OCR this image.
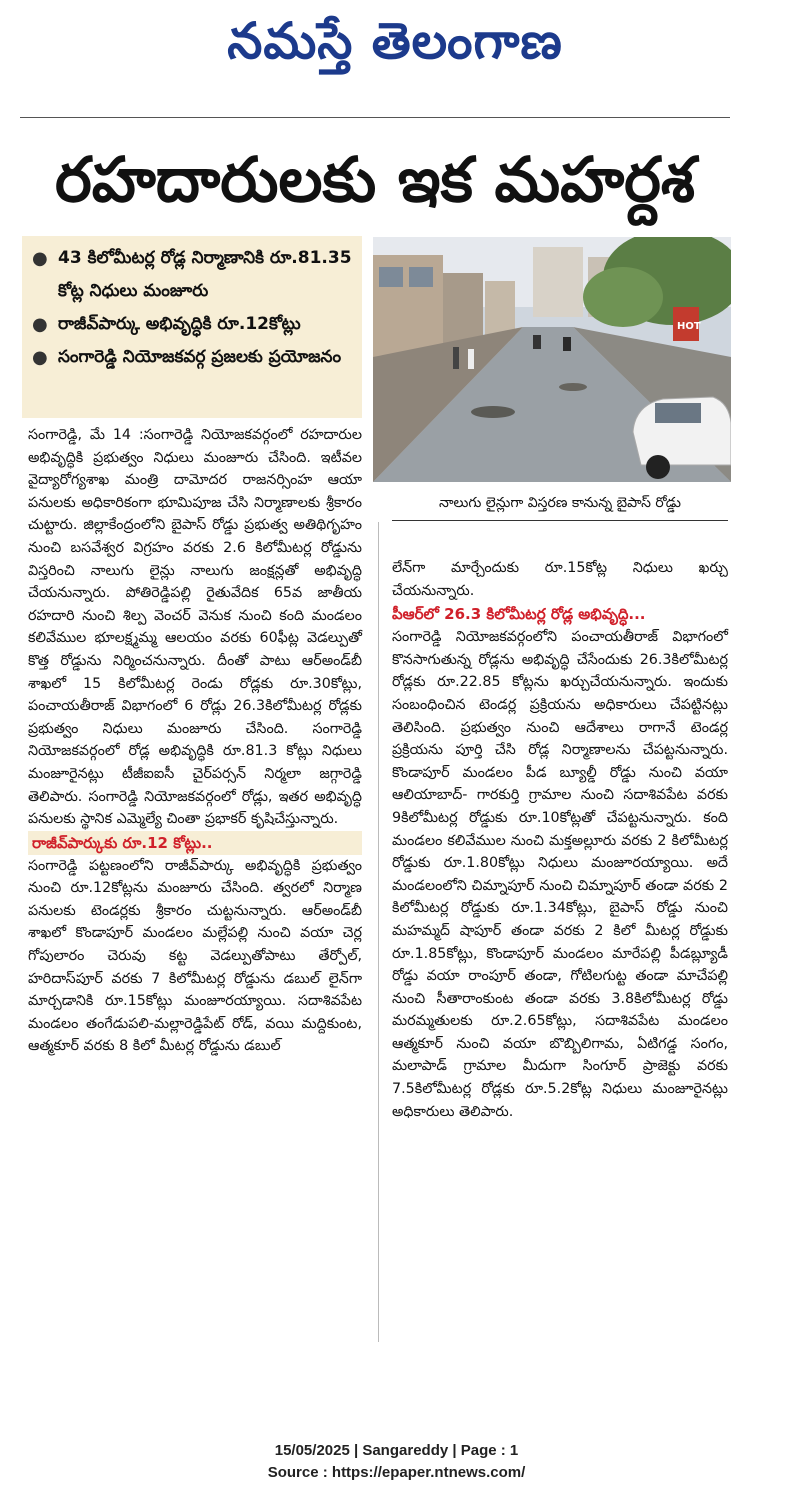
నమస్తే తెలంగాణ
రహదారులకు ఇక మహర్దశ
● 43 కిలోమీటర్ల రోడ్ల నిర్మాణానికి రూ.81.35 కోట్ల నిధులు మంజూరు
● రాజీవ్‌పార్కు అభివృద్ధికి రూ.12కోట్లు
● సంగారెడ్డి నియోజకవర్గ ప్రజలకు ప్రయోజనం
HOT
నాలుగు లైన్లుగా విస్తరణ కానున్న బైపాస్‌ రోడ్డు

సంగారెడ్డి, మే 14 :సంగారెడ్డి నియోజకవర్గంలో రహదారుల అభివృద్ధికి ప్రభుత్వం నిధులు మంజూరు చేసింది. ఇటీవల వైద్యారోగ్యశాఖ మంత్రి దామోదర రాజనర్సింహ ఆయా పనులకు అధికారికంగా భూమిపూజ చేసి నిర్మాణాలకు శ్రీకారం చుట్టారు. జిల్లాకేంద్రంలోని బైపాస్‌ రోడ్డు ప్రభుత్వ అతిథిగృహం నుంచి బసవేశ్వర విగ్రహం వరకు 2.6 కిలోమీటర్ల రోడ్డును విస్తరించి నాలుగు లైన్లు నాలుగు జంక్షన్లతో అభివృద్ధి చేయనున్నారు. పోతిరెడ్డిపల్లి రైతువేదిక 65వ జాతీయ రహదారి నుంచి శిల్ప వెంచర్‌ వెనుక నుంచి కంది మండలం కలివేముల భూలక్ష్మమ్మ ఆలయం వరకు 60ఫీట్ల వెడల్పుతో కొత్త రోడ్డును నిర్మించనున్నారు. దీంతో పాటు ఆర్‌అండ్‌బీ శాఖలో 15 కిలోమీటర్ల రెండు రోడ్లకు రూ.30కోట్లు, పంచాయతీరాజ్‌ విభాగంలో 6 రోడ్లు 26.3కిలోమీటర్ల రోడ్లకు ప్రభుత్వం నిధులు మంజూరు చేసింది. సంగారెడ్డి నియోజకవర్గంలో రోడ్ల అభివృద్ధికి రూ.81.3 కోట్లు నిధులు మంజూరైనట్లు టీజీఐఐసీ చైర్‌పర్సన్‌ నిర్మలా జగ్గారెడ్డి తెలిపారు. సంగారెడ్డి నియోజకవర్గంలో రోడ్లు, ఇతర అభివృద్ధి పనులకు స్థానిక ఎమ్మెల్యే చింతా ప్రభాకర్‌ కృషిచేస్తున్నారు.

రాజీవ్‌పార్కుకు రూ.12 కోట్లు..

సంగారెడ్డి పట్టణంలోని రాజీవ్‌పార్కు అభివృద్ధికి ప్రభుత్వం నుంచి రూ.12కోట్లను మంజూరు చేసింది. త్వరలో నిర్మాణ పనులకు టెండర్లకు శ్రీకారం చుట్టనున్నారు. ఆర్‌అండ్‌బీ శాఖలో కొండాపూర్‌ మండలం మల్లేపల్లి నుంచి వయా చెర్ల గోపులారం చెరువు కట్ట వెడల్పుతోపాటు తేర్పోల్‌, హరిదాస్‌పూర్‌ వరకు 7 కిలోమీటర్ల రోడ్డును డబుల్‌ లైన్‌గా మార్చడానికి రూ.15కోట్లు మంజూరయ్యాయి. సదాశివపేట మండలం తంగేడుపలి-మల్లారెడ్డిపేట్‌ రోడ్‌, వయి మద్దికుంట, ఆత్మకూర్‌ వరకు 8 కిలో మీటర్ల రోడ్డును డబుల్‌

లేన్‌గా మార్చేందుకు రూ.15కోట్ల నిధులు ఖర్చు చేయనున్నారు.

పీఆర్‌లో 26.3 కిలోమీటర్ల రోడ్ల అభివృద్ధి...

సంగారెడ్డి నియోజకవర్గంలోని పంచాయతీరాజ్‌ విభాగంలో కొనసాగుతున్న రోడ్లను అభివృద్ధి చేసేందుకు 26.3కిలోమీటర్ల రోడ్లకు రూ.22.85 కోట్లను ఖర్చుచేయనున్నారు. ఇందుకు సంబంధించిన టెండర్ల ప్రక్రియను అధికారులు చేపట్టినట్లు తెలిసింది. ప్రభుత్వం నుంచి ఆదేశాలు రాగానే టెండర్ల ప్రక్రియను పూర్తి చేసి రోడ్ల నిర్మాణాలను చేపట్టనున్నారు. కొండాపూర్‌ మండలం పీడ బ్యూల్డీ రోడ్డు నుంచి వయా ఆలియాబాద్‌- గారకుర్తి గ్రామాల నుంచి సదాశివపేట వరకు 9కిలోమీటర్ల రోడ్డుకు రూ.10కోట్లతో చేపట్టనున్నారు. కంది మండలం కలివేముల నుంచి మక్తఅల్లూరు వరకు 2 కిలోమీటర్ల రోడ్డుకు రూ.1.80కోట్లు నిధులు మంజూరయ్యాయి. అదే మండలంలోని చిమ్నాపూర్‌ నుంచి చిమ్నాపూర్‌ తండా వరకు 2 కిలోమీటర్ల రోడ్డుకు రూ.1.34కోట్లు, బైపాస్‌ రోడ్డు నుంచి మహమ్మద్‌ షాపూర్‌ తండా వరకు 2 కిలో మీటర్ల రోడ్డుకు రూ.1.85కోట్లు, కొండాపూర్‌ మండలం మారేపల్లి పీడబ్ల్యూడీ రోడ్డు వయా రాంపూర్‌ తండా, గోటిలగుట్ట తండా మాచేపల్లి నుంచి సీతారాంకుంట తండా వరకు 3.8కిలోమీటర్ల రోడ్డు మరమ్మతులకు రూ.2.65కోట్లు, సదాశివపేట మండలం ఆత్మకూర్‌ నుంచి వయా బొబ్బిలిగామ, ఏటిగడ్డ సంగం, మలాపాడ్‌ గ్రామాల మీదుగా సింగూర్‌ ప్రాజెక్టు వరకు 7.5కిలోమీటర్ల రోడ్లకు రూ.5.2కోట్ల నిధులు మంజూరైనట్లు అధికారులు తెలిపారు.

15/05/2025 | Sangareddy | Page : 1
Source : https://epaper.ntnews.com/
